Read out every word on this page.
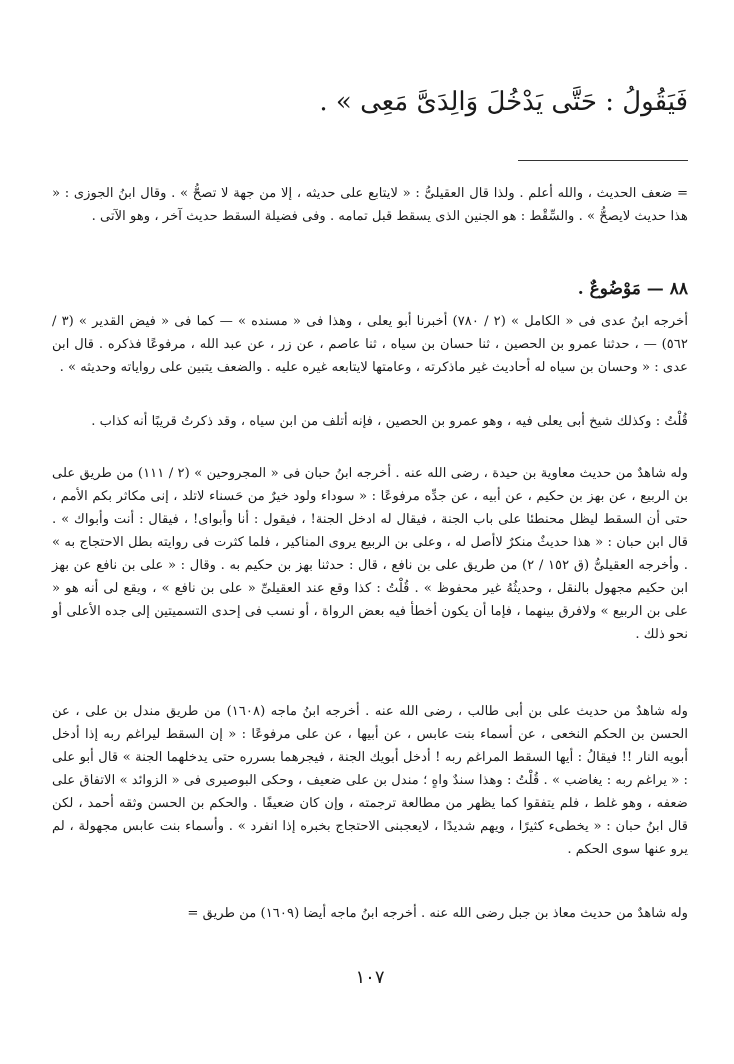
فَيَقُولُ : حَتَّى يَدْخُلَ وَالِدَىَّ مَعِى » .
= ضعف الحديث ، والله أعلم . ولذا قال العقيلىُّ : « لايتابع على حديثه ، إلا من جهة لا تصحُّ » . وقال ابنُ الجوزى : « هذا حديث لايصحُّ » . والسِّقْط : هو الجنين الذى يسقط قبل تمامه . وفى فضيلة السقط حديث آخر ، وهو الآتى .
٨٨ — مَوْضُوعٌ .
أخرجه ابنُ عدى فى « الكامل » (٢ / ٧٨٠) أخبرنا أبو يعلى ، وهذا فى « مسنده » — كما فى « فيض القدير » (٣ / ٥٦٢) — ، حدثنا عمرو بن الحصين ، ثنا حسان بن سياه ، ثنا عاصم ، عن زر ، عن عبد الله ، مرفوعًا فذكره . قال ابن عدى : « وحسان بن سياه له أحاديث غير ماذكرته ، وعامتها لايتابعه غيره عليه . والضعف يتبين على رواياته وحديثه » .
قُلْتُ : وكذلك شيخ أبى يعلى فيه ، وهو عمرو بن الحصين ، فإنه أتلف من ابن سياه ، وقد ذكرتُ قريبًا أنه كذاب .
وله شاهدٌ من حديث معاوية بن حيدة ، رضى الله عنه . أخرجه ابنُ حبان فى « المجروحين » (٢ / ١١١) من طريق على بن الربيع ، عن بهز بن حكيم ، عن أبيه ، عن جدِّه مرفوعًا : « سوداء ولود خيرٌ من حَسناء لاتلد ، إنى مكاثر بكم الأمم ، حتى أن السقط ليظل محنطئا على باب الجنة ، فيقال له ادخل الجنة! ، فيقول : أنا وأبواى! ، فيقال : أنت وأبواك » . قال ابن حبان : « هذا حديثٌ منكرٌ لاأصل له ، وعلى بن الربيع يروى المناكير ، فلما كثرت فى روايته بطل الاحتجاج به » . وأخرجه العقيلىُّ (ق ١٥٢ / ٢) من طريق على بن نافع ، قال : حدثنا بهز بن حكيم به . وقال : « على بن نافع عن بهز ابن حكيم مجهول بالنقل ، وحديثُهُ غير محفوظ » . قُلْتُ : كذا وقع عند العقيلىِّ « على بن نافع » ، ويقع لى أنه هو « على بن الربيع » ولافرق بينهما ، فإما أن يكون أخطأ فيه بعض الرواة ، أو نسب فى إحدى التسميتين إلى جده الأعلى أو نحو ذلك .
وله شاهدٌ من حديث على بن أبى طالب ، رضى الله عنه . أخرجه ابنُ ماجه (١٦٠٨) من طريق مندل بن على ، عن الحسن بن الحكم النخعى ، عن أسماء بنت عابس ، عن أبيها ، عن على مرفوعًا : « إن السقط ليراغم ربه إذا أدخل أبويه النار !! فيقالُ : أيها السقط المراغم ربه ! أدخل أبويك الجنة ، فيجرهما بسرره حتى يدخلهما الجنة » قال أبو على : « يراغم ربه : يغاضب » . قُلْتُ : وهذا سندٌ واهٍ ؛ مندل بن على ضعيف ، وحكى البوصيرى فى « الزوائد » الاتفاق على ضعفه ، وهو غلط ، فلم يتفقوا كما يظهر من مطالعة ترجمته ، وإن كان ضعيفًا . والحكم بن الحسن وثقه أحمد ، لكن قال ابنُ حبان : « يخطىء كثيرًا ، ويهم شديدًا ، لايعجبنى الاحتجاج بخبره إذا انفرد » . وأسماء بنت عابس مجهولة ، لم يرو عنها سوى الحكم .
وله شاهدٌ من حديث معاذ بن جبل رضى الله عنه . أخرجه ابنُ ماجه أيضا (١٦٠٩) من طريق =
١٠٧
